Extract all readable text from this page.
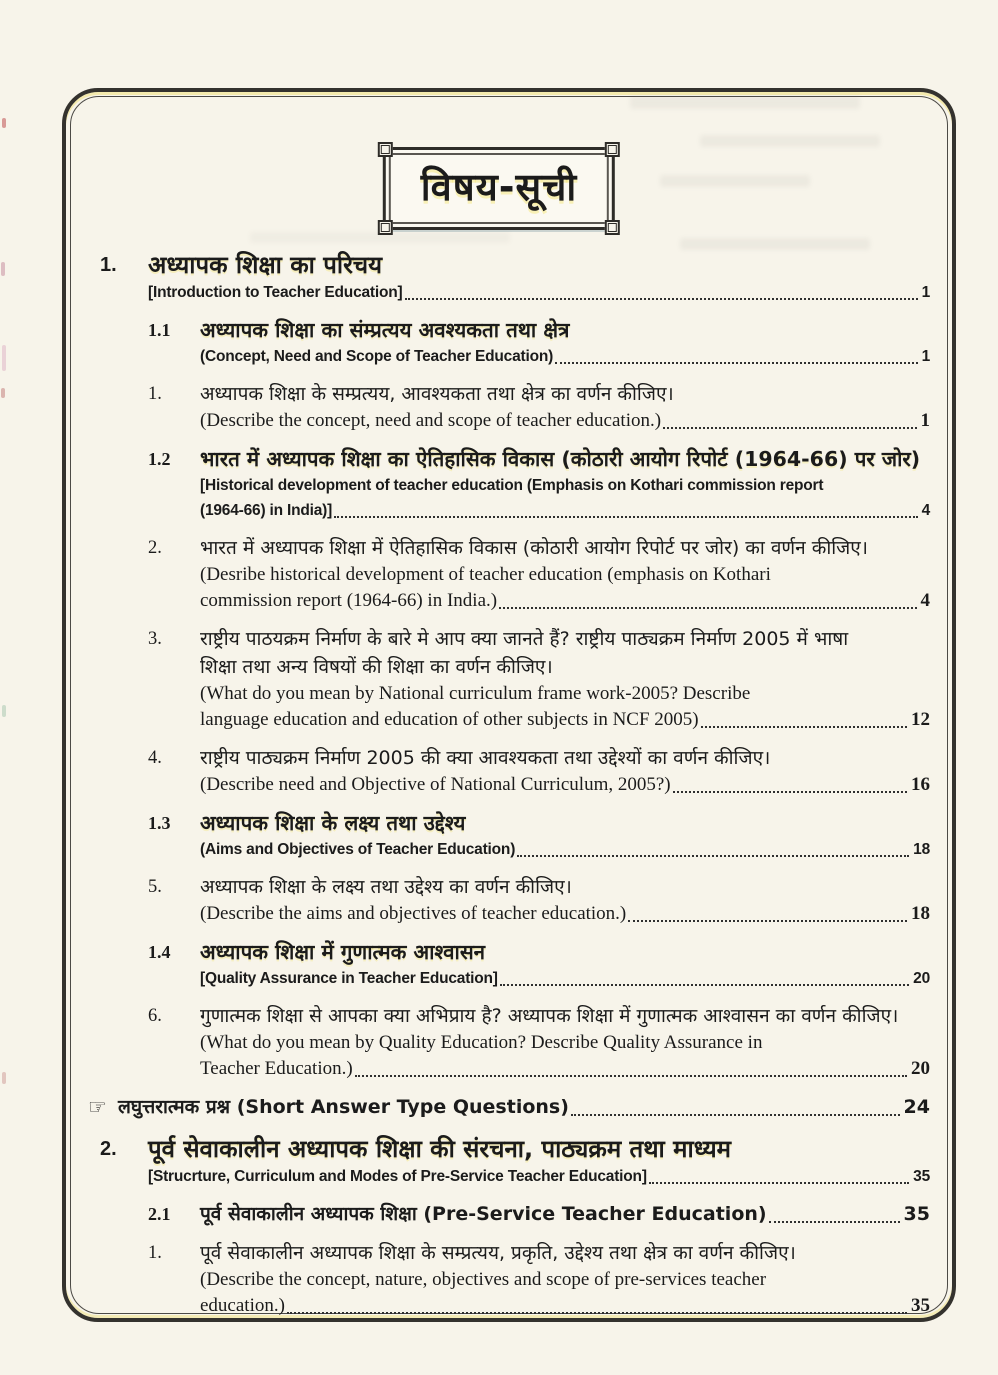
विषय-सूची
1.	अध्यापक शिक्षा का परिचय
[Introduction to Teacher Education]	1
1.1	अध्यापक शिक्षा का संम्प्रत्यय अवश्यकता तथा क्षेत्र
(Concept, Need and Scope of Teacher Education)	1
1.	अध्यापक शिक्षा के सम्प्रत्यय, आवश्यकता तथा क्षेत्र का वर्णन कीजिए।
(Describe the concept, need and scope of teacher education.)	1
1.2	भारत में अध्यापक शिक्षा का ऐतिहासिक विकास (कोठारी आयोग रिपोर्ट (1964-66) पर जोर)
[Historical development of teacher education (Emphasis on Kothari commission report
(1964-66) in India)]	4
2.	भारत में अध्यापक शिक्षा में ऐतिहासिक विकास (कोठारी आयोग रिपोर्ट पर जोर) का वर्णन कीजिए।
(Desribe historical development of teacher education (emphasis on Kothari
commission report (1964-66) in India.)	4
3.	राष्ट्रीय पाठयक्रम निर्माण के बारे मे आप क्या जानते हैं? राष्ट्रीय पाठ्यक्रम निर्माण 2005 में भाषा
शिक्षा तथा अन्य विषयों की शिक्षा का वर्णन कीजिए।
(What do you mean by National curriculum frame work-2005? Describe
language education and education of other subjects in NCF 2005)	12
4.	राष्ट्रीय पाठ्यक्रम निर्माण 2005 की क्या आवश्यकता तथा उद्देश्यों का वर्णन कीजिए।
(Describe need and Objective of National Curriculum, 2005?)	16
1.3	अध्यापक शिक्षा के लक्ष्य तथा उद्देश्य
(Aims and Objectives of Teacher Education)	18
5.	अध्यापक शिक्षा के लक्ष्य तथा उद्देश्य का वर्णन कीजिए।
(Describe the aims and objectives of teacher education.)	18
1.4	अध्यापक शिक्षा में गुणात्मक आश्वासन
[Quality Assurance in Teacher Education]	20
6.	गुणात्मक शिक्षा से आपका क्या अभिप्राय है? अध्यापक शिक्षा में गुणात्मक आश्वासन का वर्णन कीजिए।
(What do you mean by Quality Education? Describe Quality Assurance in
Teacher Education.)	20
☞ लघुत्तरात्मक प्रश्न (Short Answer Type Questions)	24
2.	पूर्व सेवाकालीन अध्यापक शिक्षा की संरचना, पाठ्यक्रम तथा माध्यम
[Strucrture, Curriculum and Modes of Pre-Service Teacher Education]	35
2.1	पूर्व सेवाकालीन अध्यापक शिक्षा (Pre-Service Teacher Education)	35
1.	पूर्व सेवाकालीन अध्यापक शिक्षा के सम्प्रत्यय, प्रकृति, उद्देश्य तथा क्षेत्र का वर्णन कीजिए।
(Describe the concept, nature, objectives and scope of pre-services teacher
education.)	35
